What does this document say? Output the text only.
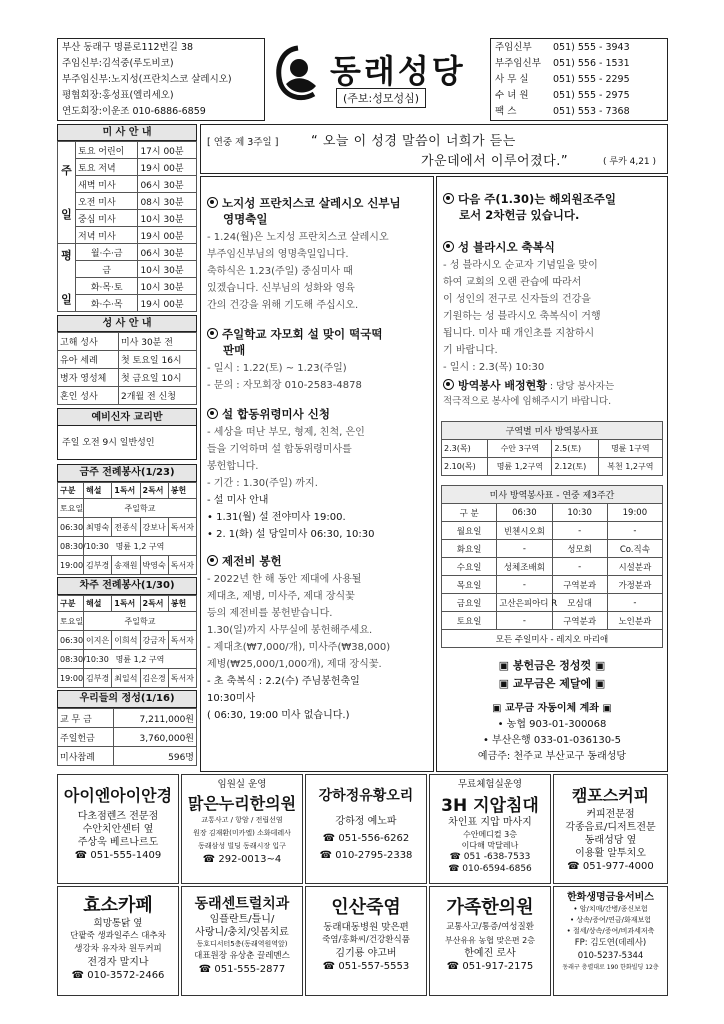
부산 동래구 명륜로112번길 38
주임신부:김석중(루도비코)
부주임신부:노지성(프란치스코 살레시오)
평협회장:홍성표(엘리세오)
연도회장:이운조 010-6886-6859
동래성당
(주보:성모성심)
주임신부 051) 555 - 3943
부주임신부 051) 556 - 1531
사 무 실	051) 555 - 2295
수 녀 원	051) 555 - 2975
팩 스	051) 553 - 7368
미 사 안 내
주

일	토요 어린이	17시 00분
	토요 저녁	19시 00분
	새벽 미사	06시 30분
	오전 미사	08시 30분
	중심 미사	10시 30분
	저녁 미사	19시 00분
평

일	월·수·금	06시 30분
	금	10시 30분
	화·목·토	10시 30분
	화·수·목	19시 00분
성 사 안 내
고해 성사	미사 30분 전
유아 세례	첫 토요일 16시
병자 영성체	첫 금요일 10시
혼인 성사	2개월 전 신청
예비신자 교리반
주일 오전 9시 일반성인
금주 전례봉사(1/23)
구분	해설	1독서	2독서	봉헌
토요일	주일학교			
06:30	최명숙	전종식	강보나	독서자
08:30/10:30	명륜 1,2 구역			
19:00	김부경	송재원	박영숙	독서자
차주 전례봉사(1/30)
구분	해설	1독서	2독서	봉헌
토요일	주일학교			
06:30	이지은	이희석	강금자	독서자
08:30/10:30	명륜 1,2 구역			
19:00	김부경	최일석	김은경	독서자
우리들의 정성(1/16)
교 무 금	7,211,000원
주일헌금	3,760,000원
미사참례	596명
[ 연중 제 3주일 ]	“ 오늘 이 성경 말씀이 너희가 듣는
가운데에서 이루어졌다.”	( 루카 4,21 )
노지성 프란치스코 살레시오 신부님
영명축일
- 1.24(월)은 노지성 프란치스코 살레시오
부주임신부님의 영명축일입니다.
축하식은 1.23(주일) 중심미사 때
있겠습니다. 신부님의 성화와 영육
간의 건강을 위해 기도해 주십시오.
주일학교 자모회 설 맞이 떡국떡
판매
- 일시 : 1.22(토) ~ 1.23(주일)
- 문의 : 자모회장 010-2583-4878
설 합동위령미사 신청
- 세상을 떠난 부모, 형제, 친척, 은인
들을 기억하며 설 합동위령미사를
봉헌합니다.
- 기간 : 1.30(주일) 까지.
- 설 미사 안내
• 1.31(월) 설 전야미사 19:00.
• 2. 1(화) 설 당일미사 06:30, 10:30
제전비 봉헌
- 2022년 한 해 동안 제대에 사용될
제대초, 제병, 미사주, 제대 장식꽃
등의 제전비를 봉헌받습니다.
1.30(일)까지 사무실에 봉헌해주세요.
- 제대초(₩7,000/개), 미사주(₩38,000)
제병(₩25,000/1,000개), 제대 장식꽃.
- 초 축복식 : 2.2(수) 주님봉헌축일
10:30미사
( 06:30, 19:00 미사 없습니다.)
다음 주(1.30)는 해외원조주일
로서 2차헌금 있습니다.
성 블라시오 축복식
- 성 블라시오 순교자 기념일을 맞이
하여 교회의 오랜 관습에 따라서
이 성인의 전구로 신자들의 건강을
기원하는 성 블라시오 축복식이 거행
됩니다. 미사 때 개인초를 지참하시
기 바랍니다.
- 일시 : 2.3(목) 10:30
방역봉사 배정현황 : 당당 봉사자는
적극적으로 봉사에 임해주시기 바랍니다.
구역별 미사 방역봉사표			
2.3(목)	수안 3구역	2.5(토)	명륜 1구역
2.10(목)	명륜 1,2구역	2.12(토)	복천 1,2구역
미사 방역봉사표 - 연중 제3주간			
구 분	06:30	10:30	19:00
월요일	빈첸시오회	-	-
화요일	-	성모회	Co.직속
수요일	성체조배회	-	시설분과
목요일	-	구역분과	가정분과
금요일	고산은피아디 R	모심대	-
토요일	-	구역분과	노인분과
모든 주일미사 - 레지오 마리애			
▣ 봉헌금은 정성껏 ▣
▣ 교무금은 제달에 ▣
▣ 교무금 자동이체 계좌 ▣
• 농협 903-01-300068
• 부산은행 033-01-036130-5
예금주: 천주교 부산교구 동래성당
아이엔아이안경
다초점렌즈 전문점
수안치안센터 옆
주상욱 베르나르도
☎ 051-555-1409
임원실 운영
맑은누리한의원
교통사고 / 항암 / 전립선염
원장 김재환(미카엘) 소화데레사
동래삼성 빌딩 동래시장 입구
☎ 292-0013~4
강하정유황오리
강하정 예노파
☎ 051-556-6262
☎ 010-2795-2338
무료체험실운영
3H 지압침대
차인표 지압 마사지
수안메디컬 3층
이다해 막달레나
☎ 051 -638-7533
☎ 010-6594-6856
캠포스커피
커피전문점
각종음료/디저트전문
동래성당 옆
이용활 알투치오
☎ 051-977-4000
효소카페
희망통닭 옆
단팥죽 생과일주스 대추차
생강차 유자차 원두커피
전경자 말지나
☎ 010-3572-2466
동래센트럴치과
임플란트/틀니/
사랑니/충치/잇몸치료
동호디서터5층(동래역원역앞)
대표원장 유상춘 끌레멘스
☎ 051-555-2877
인산죽염
동래대동병원 맞은편
죽염/홍화씨/건강환식품
김기룡 야고버
☎ 051-557-5553
가족한의원
교통사고/통증/여성질환
부산유유 농협 맞은편 2층
한예진 로사
☎ 051-917-2175
한화생명금융서비스
• 암/치매/간병/종신보험
• 상속/증여/연금/화재보험
• 절세/상속/증여/비과세저축
FP: 김도연(데레사)
010-5237-5344
동래구 충렬대로 190 한화빌딩 12층
